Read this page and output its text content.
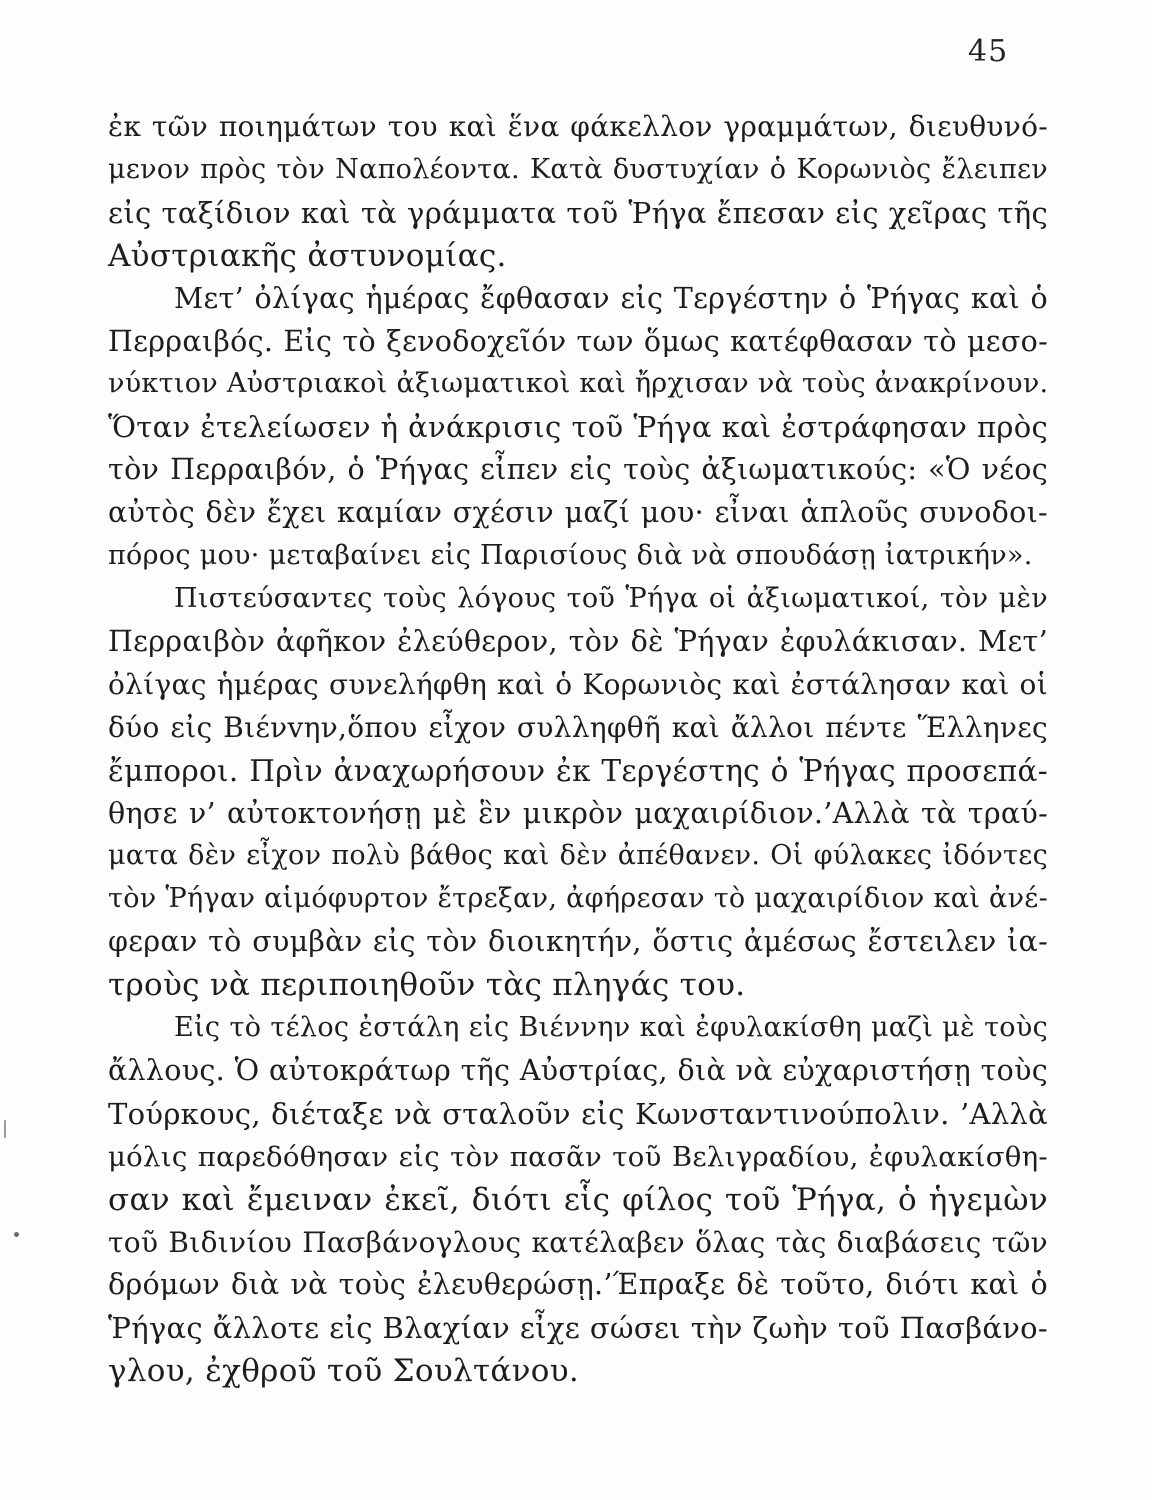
45
ἐκ τῶν ποιημάτων του καὶ ἕνα φάκελλον γραμμάτων, διευθυνό-
μενον πρὸς τὸν Ναπολέοντα. Κατὰ δυστυχίαν ὁ Κορωνιὸς ἔλειπεν
εἰς ταξίδιον καὶ τὰ γράμματα τοῦ Ῥήγα ἔπεσαν εἰς χεῖρας τῆς
Αὐστριακῆς ἀστυνομίας.
Μετ’ ὀλίγας ἡμέρας ἔφθασαν εἰς Τεργέστην ὁ Ῥήγας καὶ ὁ
Περραιβός. Εἰς τὸ ξενοδοχεῖόν των ὅμως κατέφθασαν τὸ μεσο-
νύκτιον Αὐστριακοὶ ἀξιωματικοὶ καὶ ἤρχισαν νὰ τοὺς ἀνακρίνουν.
Ὅταν ἐτελείωσεν ἡ ἀνάκρισις τοῦ Ῥήγα καὶ ἐστράφησαν πρὸς
τὸν Περραιβόν, ὁ Ῥήγας εἶπεν εἰς τοὺς ἀξιωματικούς: «Ὁ νέος
αὐτὸς δὲν ἔχει καμίαν σχέσιν μαζί μου· εἶναι ἁπλοῦς συνοδοι-
πόρος μου· μεταβαίνει εἰς Παρισίους διὰ νὰ σπουδάσῃ ἰατρικήν».
Πιστεύσαντες τοὺς λόγους τοῦ Ῥήγα οἱ ἀξιωματικοί, τὸν μὲν
Περραιβὸν ἀφῆκον ἐλεύθερον, τὸν δὲ Ῥήγαν ἐφυλάκισαν. Μετ’
ὀλίγας ἡμέρας συνελήφθη καὶ ὁ Κορωνιὸς καὶ ἐστάλησαν καὶ οἱ
δύο εἰς Βιένvην,ὅπου εἶχον συλληφθῆ καὶ ἄλλοι πέντε Ἕλληνες
ἔμποροι. Πρὶν ἀναχωρήσουν ἐκ Τεργέστης ὁ Ῥήγας προσεπά-
θησε ν’ αὐτοκτονήσῃ μὲ ἓν μικρὸν μαχαιρίδιον.’Αλλὰ τὰ τραύ-
ματα δὲν εἶχον πολὺ βάθος καὶ δὲν ἀπέθανεν. Οἱ φύλακες ἰδόντες
τὸν Ῥήγαν αἱμόφυρτον ἔτρεξαν, ἀφήρεσαν τὸ μαχαιρίδιον καὶ ἀνέ-
φεραν τὸ συμβὰν εἰς τὸν διοικητήν, ὅστις ἀμέσως ἔστειλεν ἰα-
τροὺς νὰ περιποιηθοῦν τὰς πληγάς του.
Εἰς τὸ τέλος ἐστάλη εἰς Βιέννην καὶ ἐφυλακίσθη μαζὶ μὲ τοὺς
ἄλλους. Ὁ αὐτοκράτωρ τῆς Αὐστρίας, διὰ νὰ εὐχαριστήσῃ τοὺς
Τούρκους, διέταξε νὰ σταλοῦν εἰς Κωνσταντινούπολιν. ’Αλλὰ
μόλις παρεδόθησαν εἰς τὸν πασᾶν τοῦ Βελιγραδίου, ἐφυλακίσθη-
σαν καὶ ἔμειναν ἐκεῖ, διότι εἷς φίλος τοῦ Ῥήγα, ὁ ἡγεμὼν
τοῦ Βιδινίου Πασβάνογλους κατέλαβεν ὅλας τὰς διαβάσεις τῶν
δρόμων διὰ νὰ τοὺς ἐλευθερώσῃ.’Έπραξε δὲ τοῦτο, διότι καὶ ὁ
Ῥήγας ἄλλοτε εἰς Βλαχίαν εἶχε σώσει τὴν ζωὴν τοῦ Πασβάνο-
γλου, ἐχθροῦ τοῦ Σουλτάνου.
